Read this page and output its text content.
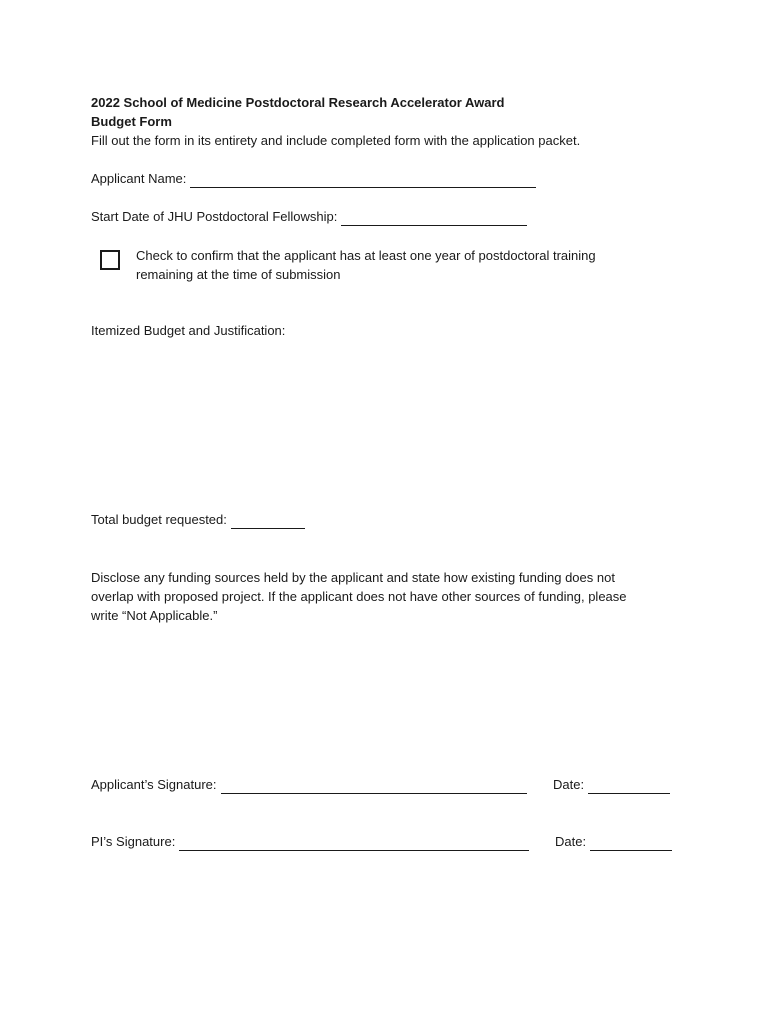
2022 School of Medicine Postdoctoral Research Accelerator Award
Budget Form
Fill out the form in its entirety and include completed form with the application packet.
Applicant Name:
Start Date of JHU Postdoctoral Fellowship:
Check to confirm that the applicant has at least one year of postdoctoral training
remaining at the time of submission
Itemized Budget and Justification:
Total budget requested:
Disclose any funding sources held by the applicant and state how existing funding does not
overlap with proposed project. If the applicant does not have other sources of funding, please
write “Not Applicable.”
Applicant’s Signature:	Date:
PI’s Signature:	Date:
